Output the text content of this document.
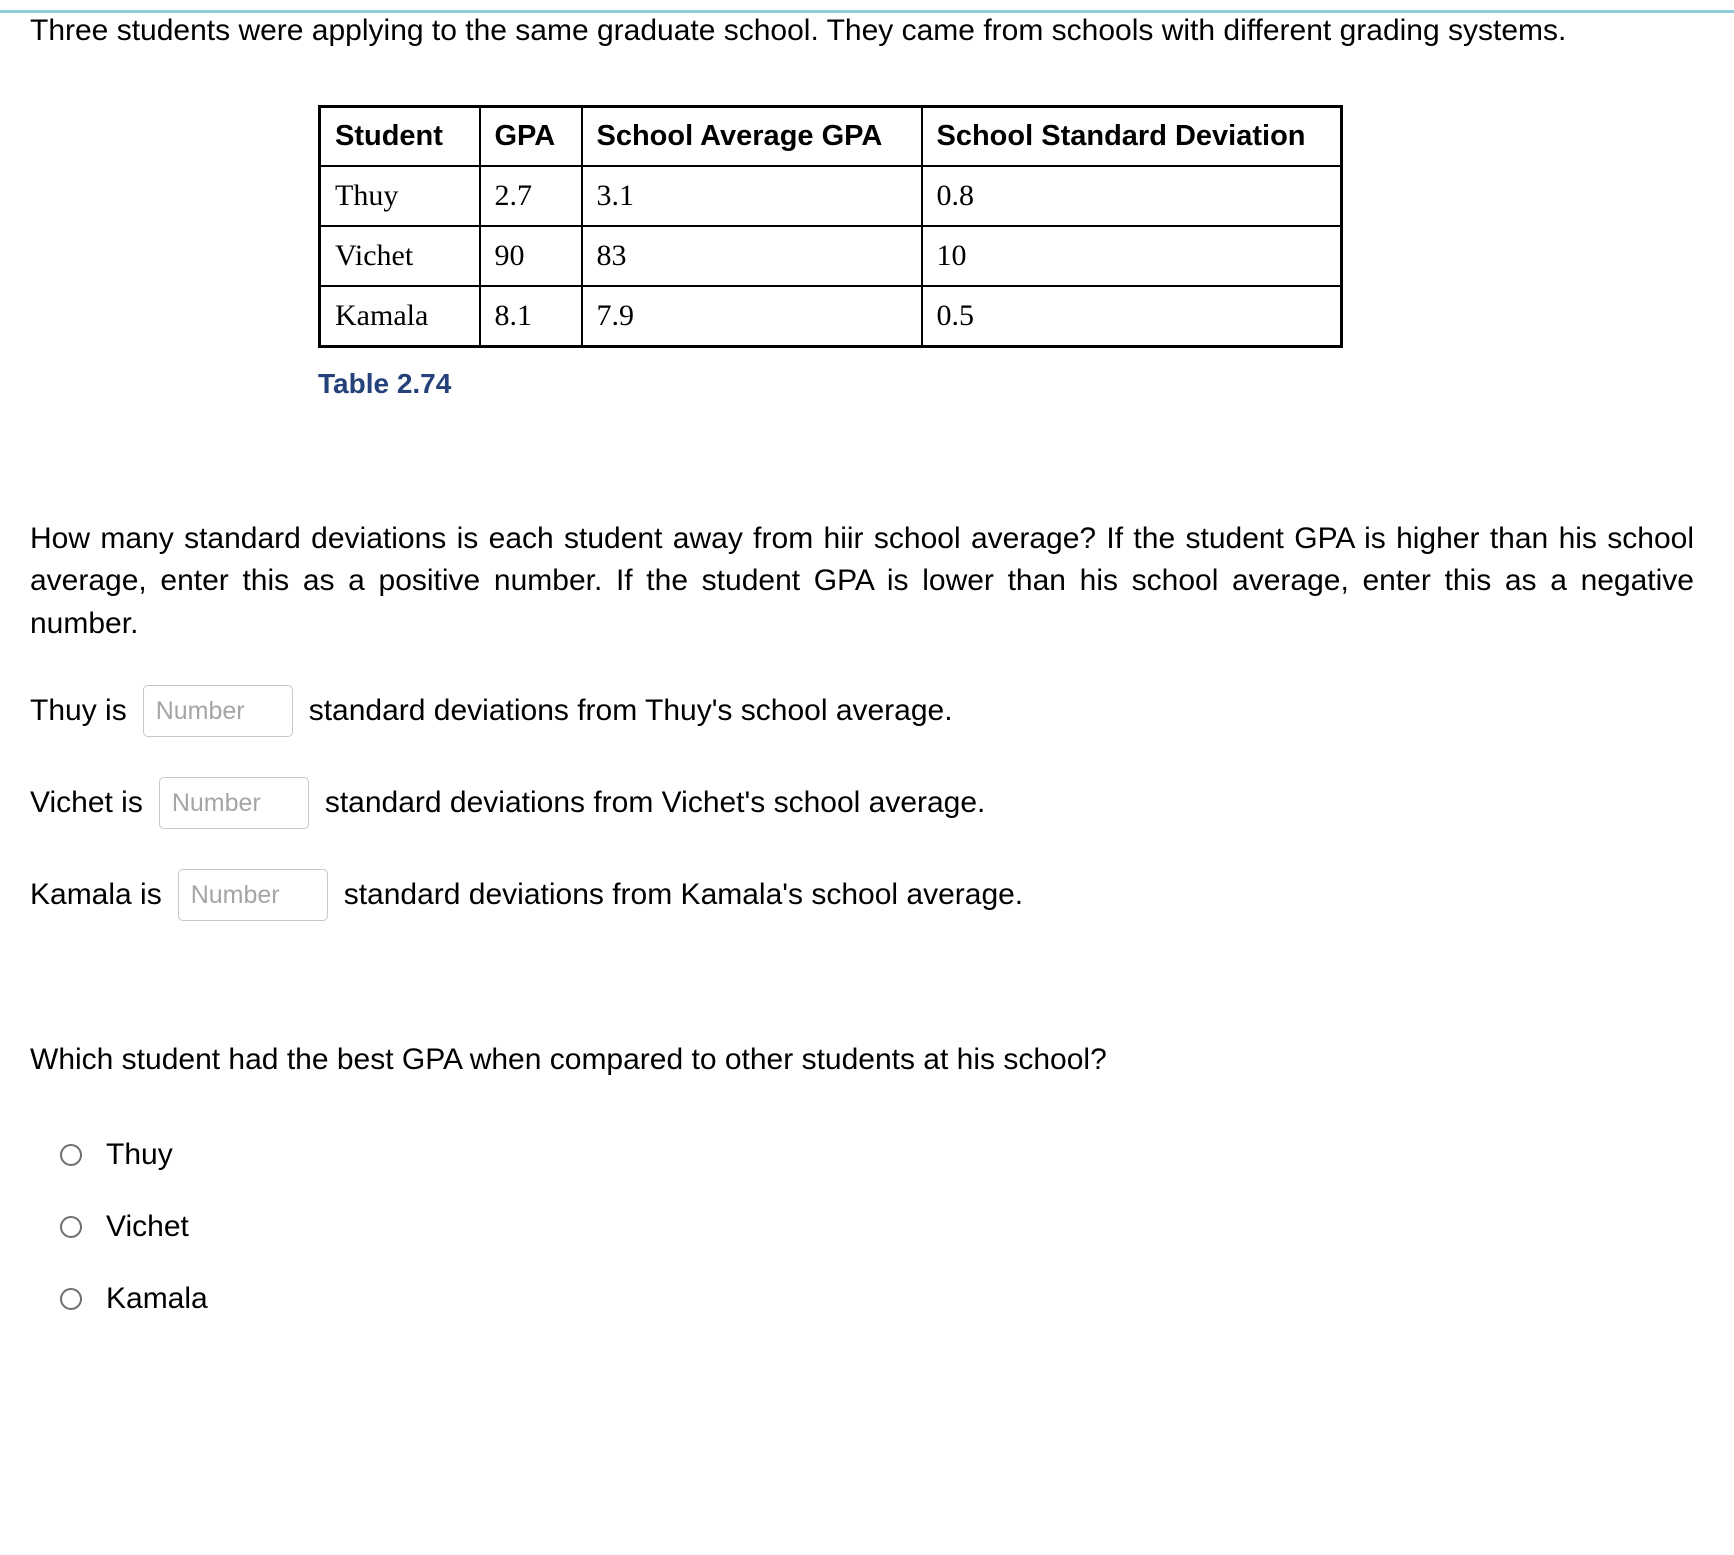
Three students were applying to the same graduate school. They came from schools with different grading systems.

Student	GPA	School Average GPA	School Standard Deviation
Thuy	2.7	3.1	0.8
Vichet	90	83	10
Kamala	8.1	7.9	0.5
Table 2.74

How many standard deviations is each student away from hiir school average? If the student GPA is higher than his school average, enter this as a positive number. If the student GPA is lower than his school average, enter this as a negative number.

Thuy is
Number	standard deviations from Thuy's school average.
Vichet is
Number	standard deviations from Vichet's school average.
Kamala is
Number	standard deviations from Kamala's school average.

Which student had the best GPA when compared to other students at his school?

Thuy
Vichet
Kamala
